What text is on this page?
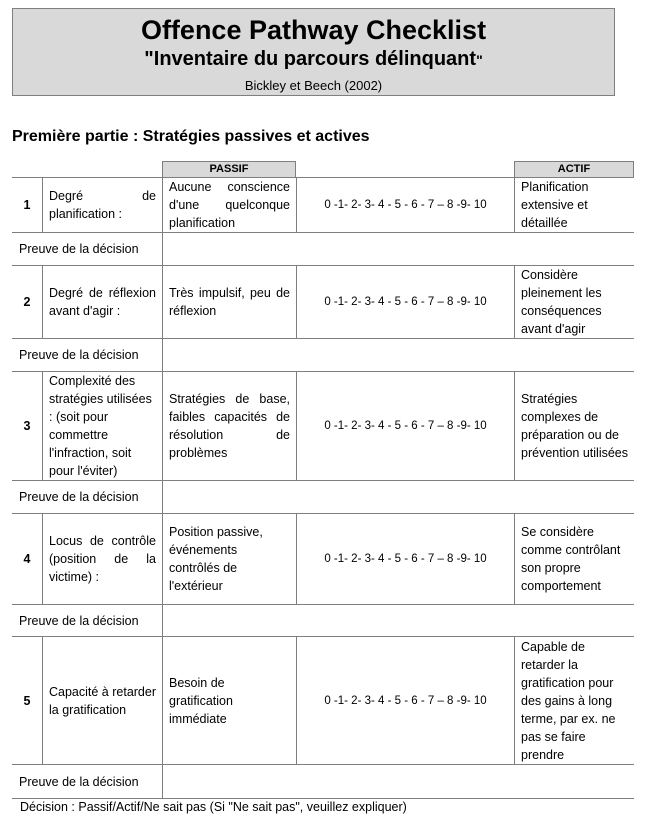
Offence Pathway Checklist
"Inventaire du parcours délinquant"
Bickley et Beech (2002)
Première partie : Stratégies passives et actives
PASSIF	ACTIF
1
Degré de planification :
Aucune conscience d'une quelconque planification
0 -1- 2- 3- 4 - 5 - 6 - 7 – 8 -9- 10
Planification extensive et détaillée
Preuve de la décision
2
Degré de réflexion avant d'agir :
Très impulsif, peu de réflexion
0 -1- 2- 3- 4 - 5 - 6 - 7 – 8 -9- 10
Considère pleinement les conséquences avant d'agir
Preuve de la décision
3
Complexité des stratégies utilisées : (soit pour commettre l'infraction, soit pour l'éviter)
Stratégies de base, faibles capacités de résolution de problèmes
0 -1- 2- 3- 4 - 5 - 6 - 7 – 8 -9- 10
Stratégies complexes de préparation ou de prévention utilisées
Preuve de la décision
4
Locus de contrôle (position de la victime) :
Position passive, événements contrôlés de l'extérieur
0 -1- 2- 3- 4 - 5 - 6 - 7 – 8 -9- 10
Se considère comme contrôlant son propre comportement
Preuve de la décision
5
Capacité à retarder la gratification
Besoin de gratification immédiate
0 -1- 2- 3- 4 - 5 - 6 - 7 – 8 -9- 10
Capable de retarder la gratification pour des gains à long terme, par ex. ne pas se faire prendre
Preuve de la décision
Décision : Passif/Actif/Ne sait pas (Si "Ne sait pas", veuillez expliquer)
